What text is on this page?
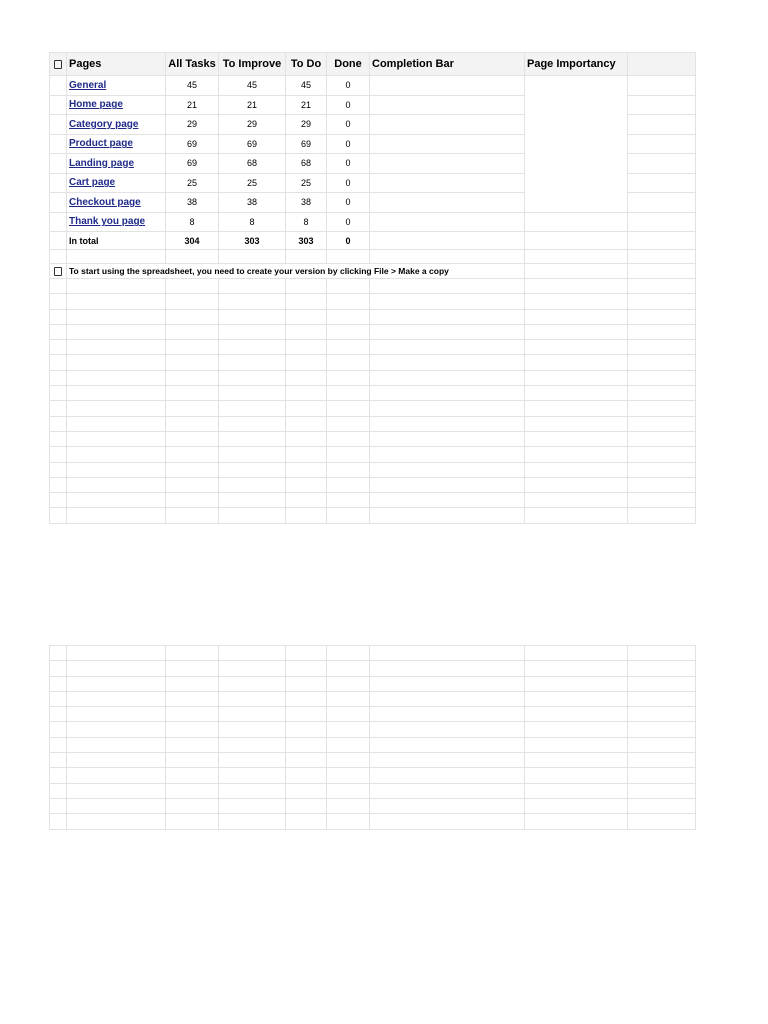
	Pages	All Tasks	To Improve	To Do	Done	Completion Bar	Page Importancy	
	General	45	45	45	0			
	Home page	21	21	21	0			
	Category page	29	29	29	0			
	Product page	69	69	69	0			
	Landing page	69	68	68	0			
	Cart page	25	25	25	0			
	Checkout page	38	38	38	0			
	Thank you page	8	8	8	0			
	In total	304	303	303	0			

	To start using the spreadsheet, you need to create your version by clicking File > Make a copy							
